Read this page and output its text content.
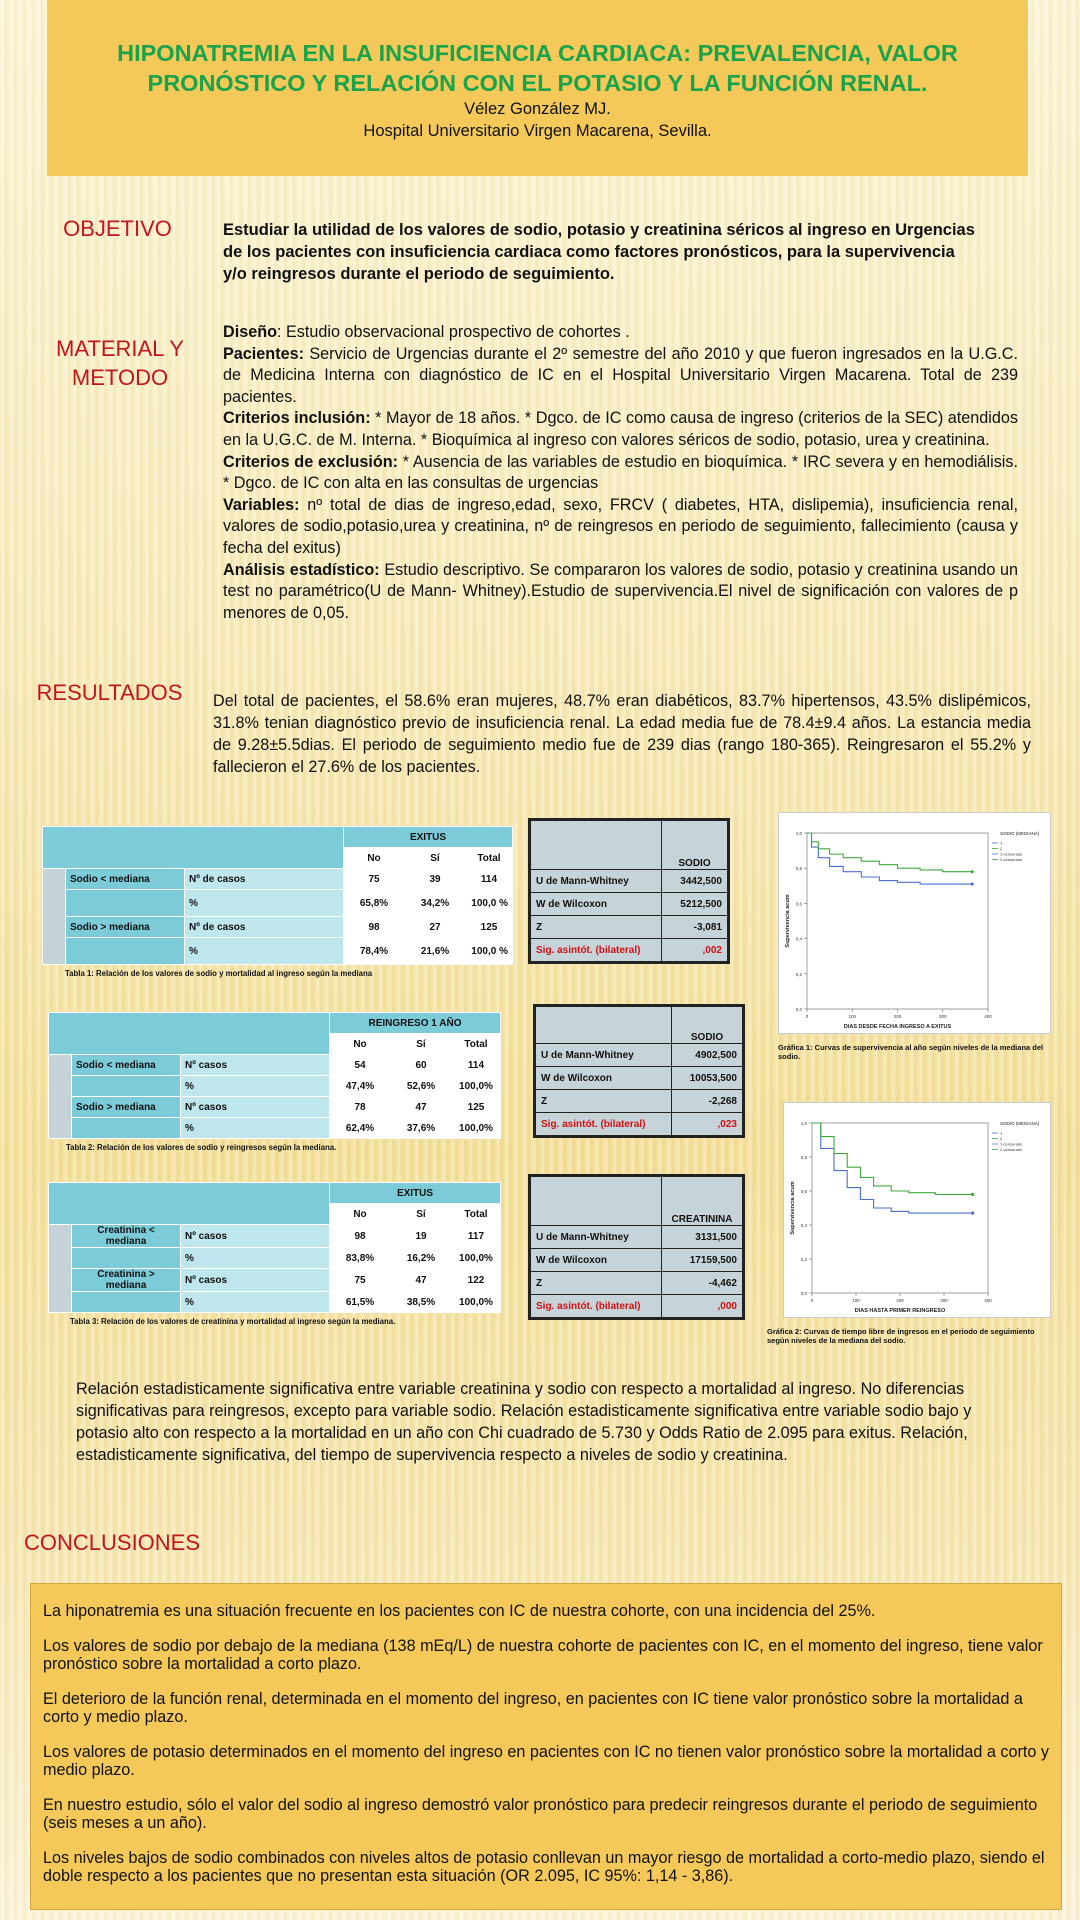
HIPONATREMIA EN LA INSUFICIENCIA CARDIACA: PREVALENCIA, VALOR
PRONÓSTICO Y RELACIÓN CON EL POTASIO Y LA FUNCIÓN RENAL.
Vélez González MJ.
Hospital Universitario Virgen Macarena, Sevilla.
OBJETIVO	Estudiar la utilidad de los valores de sodio, potasio y creatinina séricos al ingreso en Urgencias de los pacientes con insuficiencia cardiaca como factores pronósticos, para la supervivencia y/o reingresos durante el periodo de seguimiento.
MATERIAL Y METODO
Diseño: Estudio observacional prospectivo de cohortes .
Pacientes: Servicio de Urgencias durante el 2º semestre del año 2010 y que fueron ingresados en la U.G.C. de Medicina Interna con diagnóstico de IC en el Hospital Universitario Virgen Macarena. Total de 239 pacientes.
Criterios inclusión: * Mayor de 18 años. * Dgco. de IC como causa de ingreso (criterios de la SEC) atendidos en la U.G.C. de M. Interna. * Bioquímica al ingreso con valores séricos de sodio, potasio, urea y creatinina.
Criterios de exclusión: * Ausencia de las variables de estudio en bioquímica. * IRC severa y en hemodiálisis. * Dgco. de IC con alta en las consultas de urgencias
Variables: nº total de dias de ingreso,edad, sexo, FRCV ( diabetes, HTA, dislipemia), insuficiencia renal, valores de sodio,potasio,urea y creatinina, nº de reingresos en periodo de seguimiento, fallecimiento (causa y fecha del exitus)
Análisis estadístico: Estudio descriptivo. Se compararon los valores de sodio, potasio y creatinina usando un test no paramétrico(U de Mann- Whitney).Estudio de supervivencia.El nivel de significación con valores de p menores de 0,05.
RESULTADOS	Del total de pacientes, el 58.6% eran mujeres, 48.7% eran diabéticos, 83.7% hipertensos, 43.5% dislipémicos, 31.8% tenian diagnóstico previo de insuficiencia renal. La edad media fue de 78.4±9.4 años. La estancia media de 9.28±5.5dias. El periodo de seguimiento medio fue de 239 dias (rango 180-365). Reingresaron el 55.2% y fallecieron el 27.6% de los pacientes.
			EXITUS		
			No	Sí	Total
	Sodio < mediana	Nº de casos	75	39	114
		%	65,8%	34,2%	100,0 %
	Sodio > mediana	Nº de casos	98	27	125
		%	78,4%	21,6%	100,0 %
Tabla 1: Relación de los valores de sodio y mortalidad al ingreso según la mediana
			REINGRESO 1 AÑO		
			No	Sí	Total
	Sodio < mediana	Nº casos	54	60	114
		%	47,4%	52,6%	100,0%
	Sodio > mediana	Nº casos	78	47	125
		%	62,4%	37,6%	100,0%
Tabla 2: Relación de los valores de sodio y reingresos según la mediana.
			EXITUS		
			No	Sí	Total
	Creatinina < mediana	Nº casos	98	19	117
		%	83,8%	16,2%	100,0%
	Creatinina > mediana	Nº casos	75	47	122
		%	61,5%	38,5%	100,0%
Tabla 3: Relación de los valores de creatinina y mortalidad al ingreso según la mediana.
	SODIO
U de Mann-Whitney	3442,500
W de Wilcoxon	5212,500
Z	-3,081
Sig. asintót. (bilateral)	,002
	SODIO
U de Mann-Whitney	4902,500
W de Wilcoxon	10053,500
Z	-2,268
Sig. asintót. (bilateral)	,023
	CREATININA
U de Mann-Whitney	3131,500
W de Wilcoxon	17159,500
Z	-4,462
Sig. asintót. (bilateral)	,000
0,0
0,2
0,4
0,6
0,8
1,0
0	100	200	300	400
DIAS DESDE FECHA INGRESO A EXITUS
Supervivencia acum
SODIO (MEDIANA)
1
2
1-censurado
2-censurado
Gráfica 1: Curvas de supervivencia al año según niveles de la mediana del sodio.
0,0
0,2
0,4
0,6
0,8
1,0
0	100	200	300	400
DIAS HASTA PRIMER REINGRESO
Supervivencia acum
SODIO (MEDIANA)
1
2
1-censurado
2-censurado
Gráfica 2: Curvas de tiempo libre de ingresos en el periodo de seguimiento según niveles de la mediana del sodio.
Relación estadisticamente significativa entre variable creatinina y sodio con respecto a mortalidad al ingreso. No diferencias significativas para reingresos, excepto para variable sodio. Relación estadisticamente significativa entre variable sodio bajo y potasio alto con respecto a la mortalidad en un año con Chi cuadrado de 5.730 y Odds Ratio de 2.095 para exitus. Relación, estadisticamente significativa, del tiempo de supervivencia respecto a niveles de sodio y creatinina.
CONCLUSIONES

La hiponatremia es una situación frecuente en los pacientes con IC de nuestra cohorte, con una incidencia del 25%.

Los valores de sodio por debajo de la mediana (138 mEq/L) de nuestra cohorte de pacientes con IC, en el momento del ingreso, tiene valor pronóstico sobre la mortalidad a corto plazo.

El deterioro de la función renal, determinada en el momento del ingreso, en pacientes con IC tiene valor pronóstico sobre la mortalidad a corto y medio plazo.

Los valores de potasio determinados en el momento del ingreso en pacientes con IC no tienen valor pronóstico sobre la mortalidad a corto y medio plazo.

En nuestro estudio, sólo el valor del sodio al ingreso demostró valor pronóstico para predecir reingresos durante el periodo de seguimiento (seis meses a un año).

Los niveles bajos de sodio combinados con niveles altos de potasio conllevan un mayor riesgo de mortalidad a corto-medio plazo, siendo el doble respecto a los pacientes que no presentan esta situación (OR 2.095, IC 95%: 1,14 - 3,86).
